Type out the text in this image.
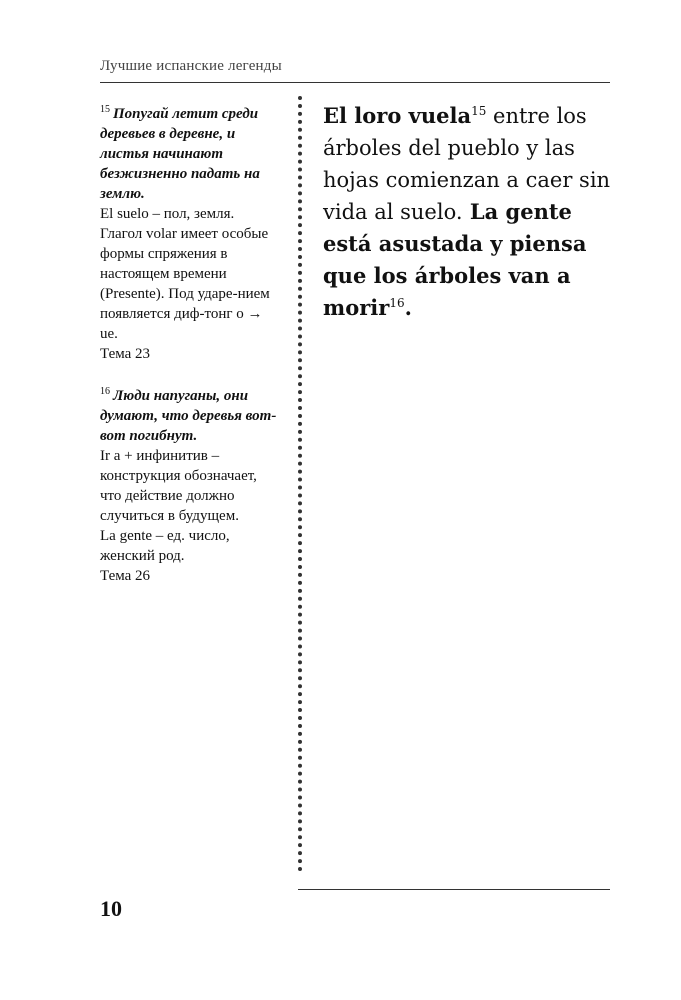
Лучшие испанские легенды
$^{15}$ Попугай летит среди деревьев в деревне, и листья начинают безжизненно падать на землю.
El suelo – пол, земля.
Глагол volar имеет особые формы спряжения в настоящем времени (Presente). Под ударе-нием появляется диф-тонг o → ue.
Тема 23
$^{16}$ Люди напуганы, они думают, что деревья вот-вот погибнут.
Ir a + инфинитив – конструкция обозначает, что действие должно случиться в будущем.
La gente – ед. число, женский род.
Тема 26
El loro vuela$^{15}$ entre los árboles del pueblo y las hojas comienzan a caer sin vida al suelo. La gente está asustada y piensa que los árboles van a morir$^{16}$.
10
